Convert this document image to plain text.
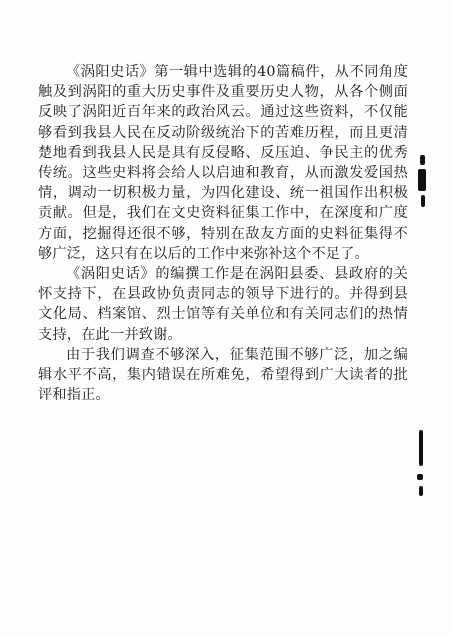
《涡阳史话》第一辑中选辑的40篇稿件，从不同角度触及到涡阳的重大历史事件及重要历史人物，从各个侧面反映了涡阳近百年来的政治风云。通过这些资料，不仅能够看到我县人民在反动阶级统治下的苦难历程，而且更清楚地看到我县人民是具有反侵略、反压迫、争民主的优秀传统。这些史料将会给人以启迪和教育，从而激发爱国热情，调动一切积极力量，为四化建设、统一祖国作出积极贡献。但是，我们在文史资料征集工作中，在深度和广度方面，挖掘得还很不够，特别在敌友方面的史料征集得不够广泛，这只有在以后的工作中来弥补这个不足了。

《涡阳史话》的编撰工作是在涡阳县委、县政府的关怀支持下，在县政协负责同志的领导下进行的。并得到县文化局、档案馆、烈士馆等有关单位和有关同志们的热情支持，在此一并致谢。

由于我们调查不够深入，征集范围不够广泛，加之编辑水平不高，集内错误在所难免，希望得到广大读者的批评和指正。
